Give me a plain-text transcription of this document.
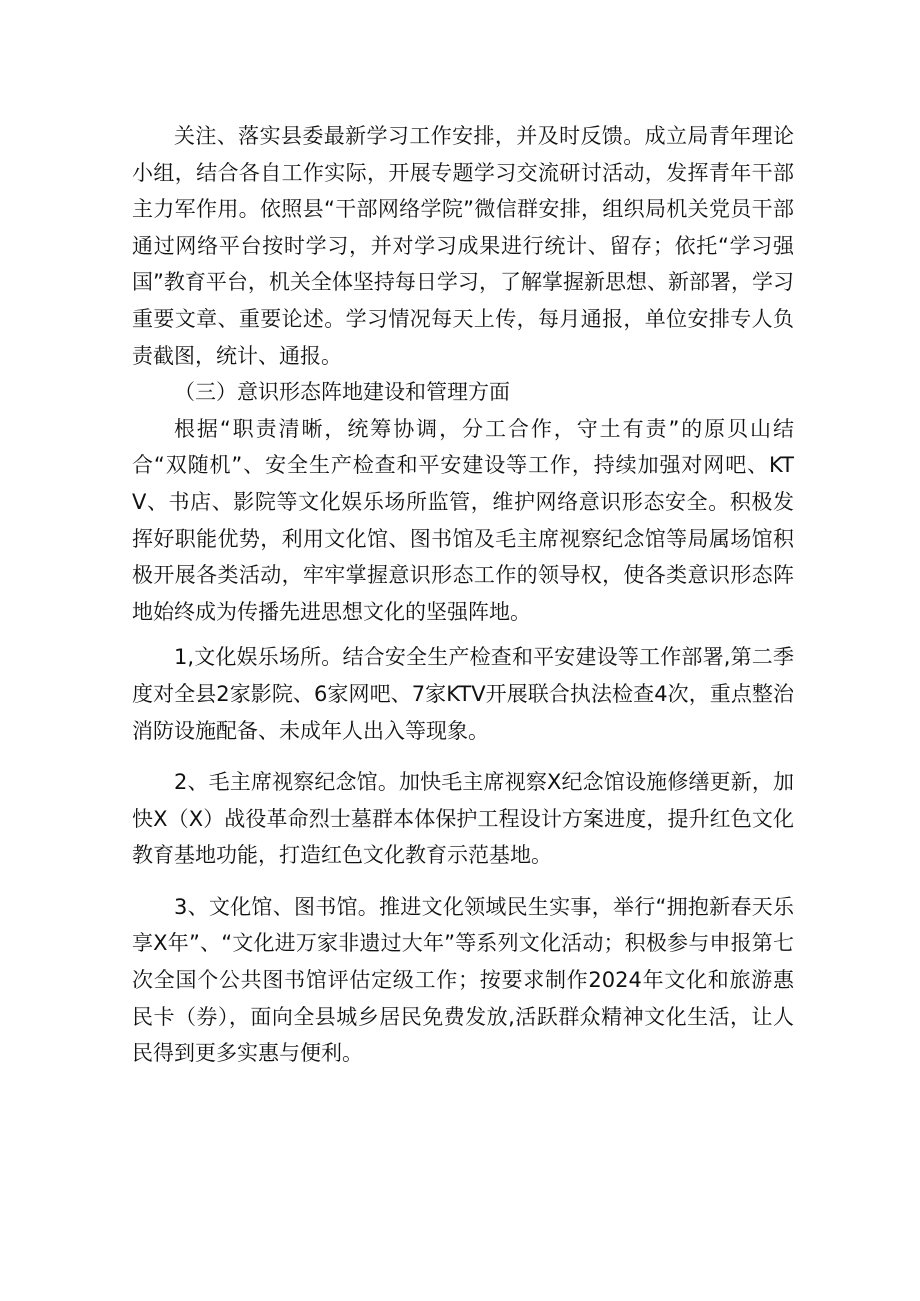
关注、落实县委最新学习工作安排，并及时反馈。成立局青年理论小组，结合各自工作实际，开展专题学习交流研讨活动，发挥青年干部主力军作用。依照县“干部网络学院”微信群安排，组织局机关党员干部通过网络平台按时学习，并对学习成果进行统计、留存；依托“学习强国”教育平台，机关全体坚持每日学习，了解掌握新思想、新部署，学习重要文章、重要论述。学习情况每天上传，每月通报，单位安排专人负责截图，统计、通报。

（三）意识形态阵地建设和管理方面

根据“职责清晰，统筹协调，分工合作，守土有责”的原贝山结合“双随机”、安全生产检查和平安建设等工作，持续加强对网吧、KTV、书店、影院等文化娱乐场所监管，维护网络意识形态安全。积极发挥好职能优势，利用文化馆、图书馆及毛主席视察纪念馆等局属场馆积极开展各类活动，牢牢掌握意识形态工作的领导权，使各类意识形态阵地始终成为传播先进思想文化的坚强阵地。

1,文化娱乐场所。结合安全生产检查和平安建设等工作部署,第二季度对全县2家影院、6家网吧、7家KTV开展联合执法检查4次，重点整治消防设施配备、未成年人出入等现象。

2、毛主席视察纪念馆。加快毛主席视察X纪念馆设施修缮更新，加快X（X）战役革命烈士墓群本体保护工程设计方案进度，提升红色文化教育基地功能，打造红色文化教育示范基地。

3、文化馆、图书馆。推进文化领域民生实事，举行“拥抱新春天乐享X年”、“文化进万家非遗过大年”等系列文化活动；积极参与申报第七次全国个公共图书馆评估定级工作；按要求制作2024年文化和旅游惠民卡（券），面向全县城乡居民免费发放,活跃群众精神文化生活，让人民得到更多实惠与便利。
